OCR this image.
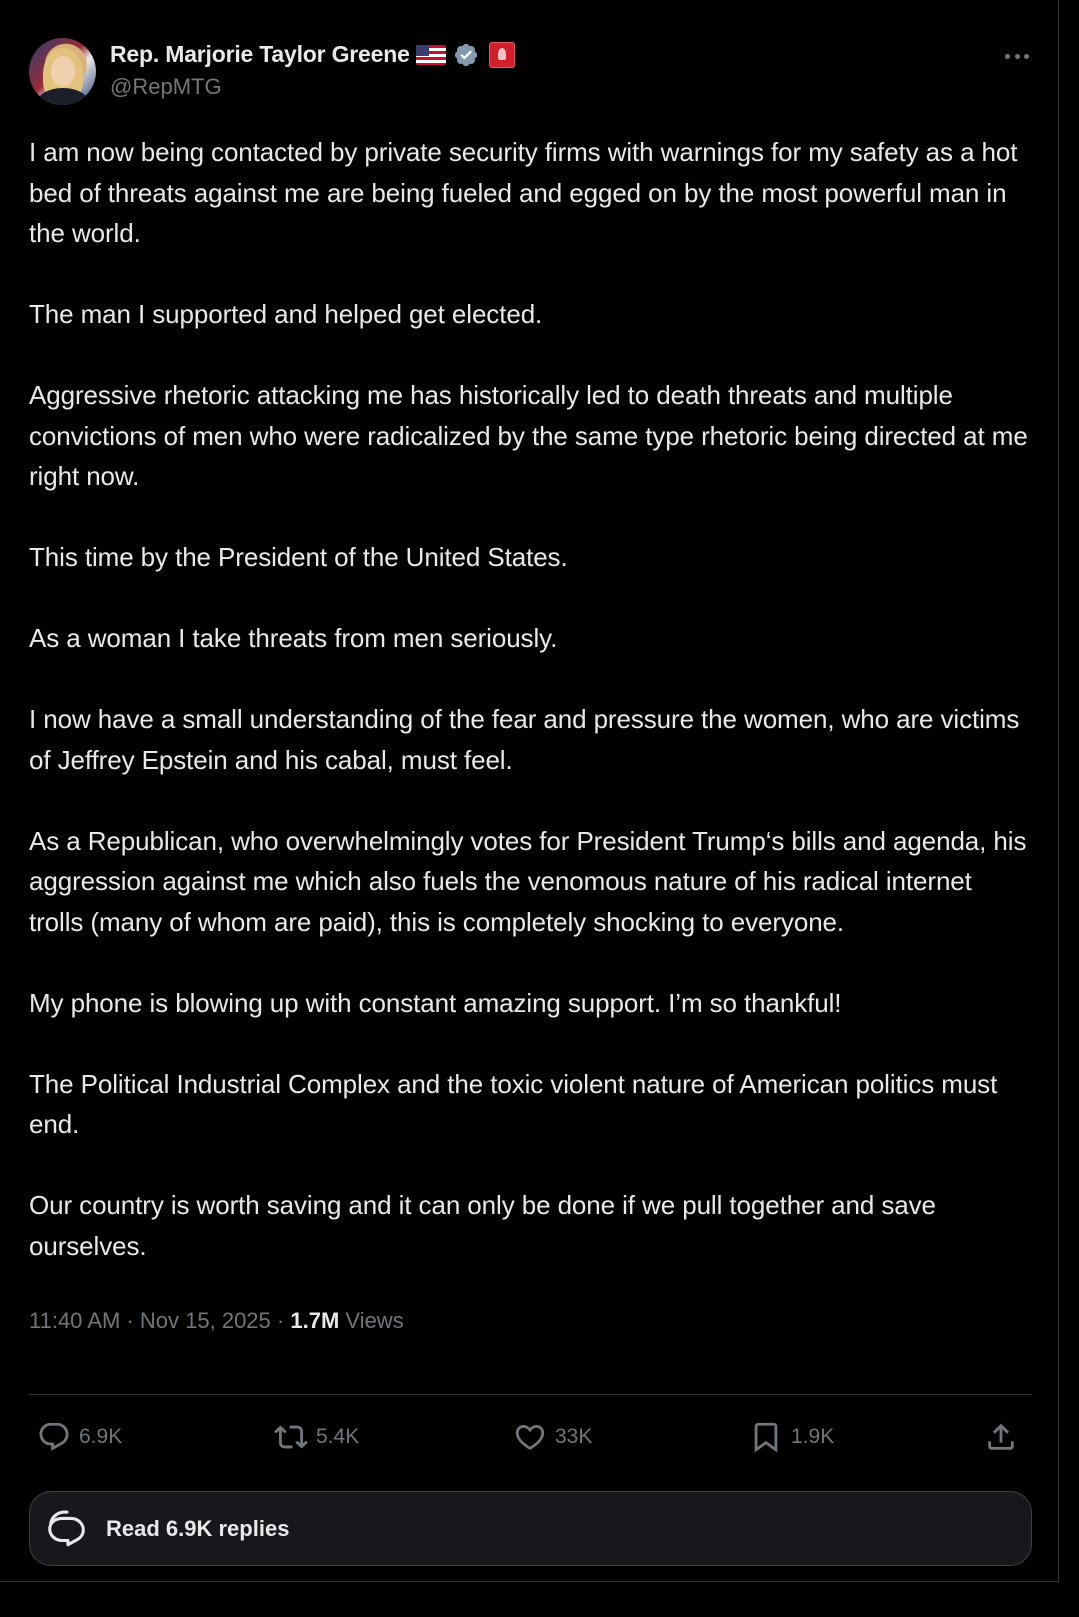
Rep. Marjorie Taylor Greene
@RepMTG

I am now being contacted by private security firms with warnings for my safety as a hot bed of threats against me are being fueled and egged on by the most powerful man in the world.

The man I supported and helped get elected.

Aggressive rhetoric attacking me has historically led to death threats and multiple convictions of men who were radicalized by the same type rhetoric being directed at me right now.

This time by the President of the United States.

As a woman I take threats from men seriously.

I now have a small understanding of the fear and pressure the women, who are victims of Jeffrey Epstein and his cabal, must feel.

As a Republican, who overwhelmingly votes for President Trump‘s bills and agenda, his aggression against me which also fuels the venomous nature of his radical internet trolls (many of whom are paid), this is completely shocking to everyone.

My phone is blowing up with constant amazing support. I’m so thankful!

The Political Industrial Complex and the toxic violent nature of American politics must end.

Our country is worth saving and it can only be done if we pull together and save ourselves.

11:40 AM · Nov 15, 2025 · 1.7M Views
6.9K	5.4K	33K	1.9K
Read 6.9K replies
